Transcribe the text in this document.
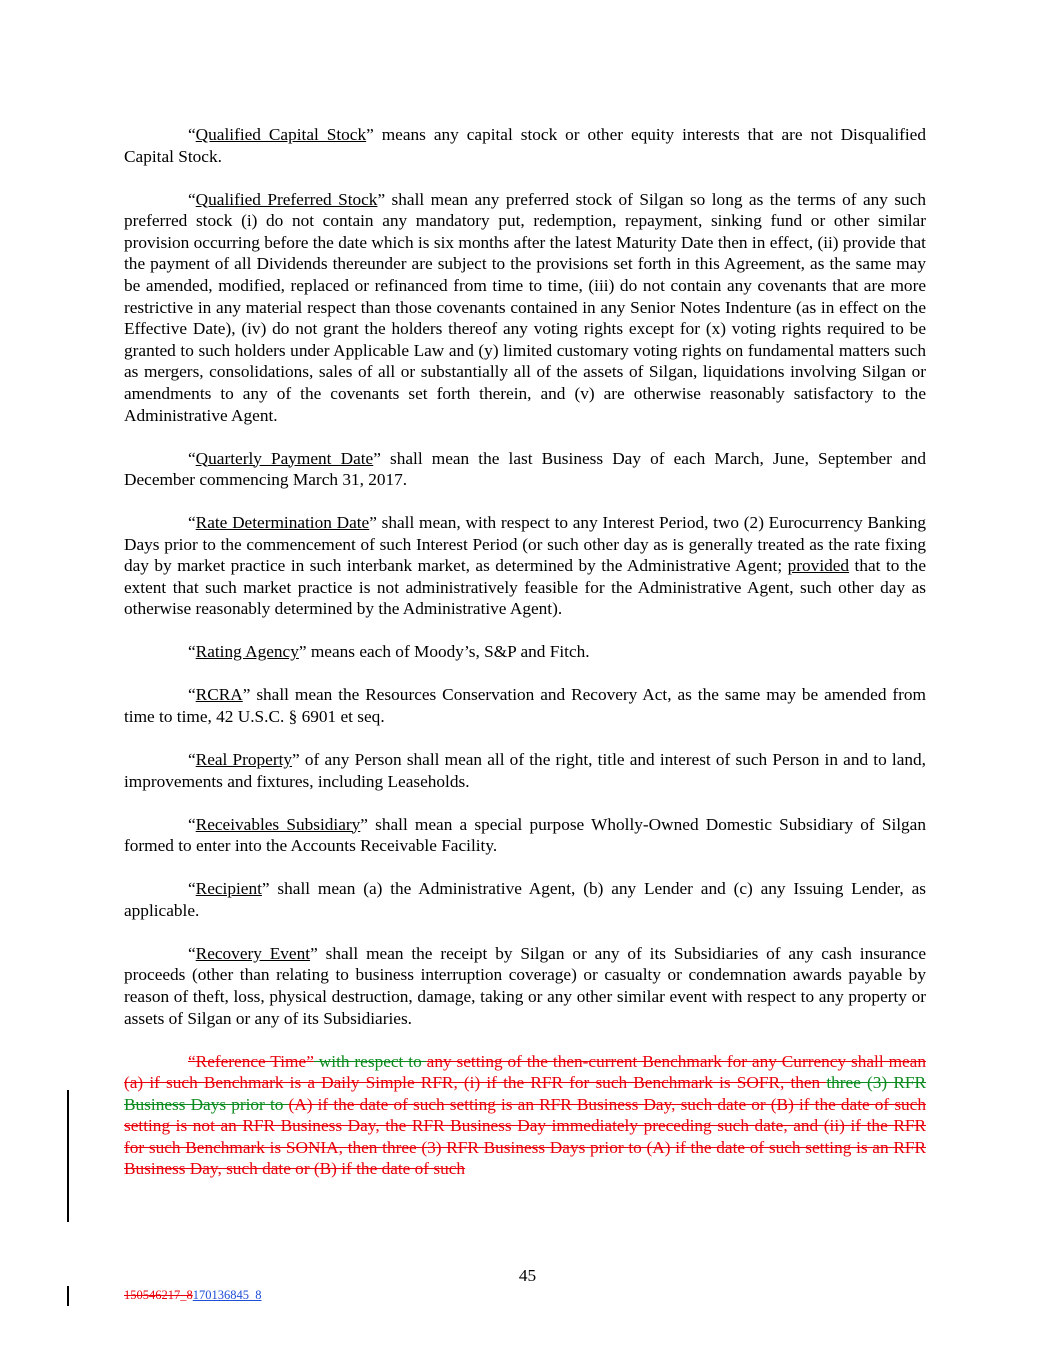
“Qualified Capital Stock” means any capital stock or other equity interests that are not Disqualified Capital Stock.

“Qualified Preferred Stock” shall mean any preferred stock of Silgan so long as the terms of any such preferred stock (i) do not contain any mandatory put, redemption, repayment, sinking fund or other similar provision occurring before the date which is six months after the latest Maturity Date then in effect, (ii) provide that the payment of all Dividends thereunder are subject to the provisions set forth in this Agreement, as the same may be amended, modified, replaced or refinanced from time to time, (iii) do not contain any covenants that are more restrictive in any material respect than those covenants contained in any Senior Notes Indenture (as in effect on the Effective Date), (iv) do not grant the holders thereof any voting rights except for (x) voting rights required to be granted to such holders under Applicable Law and (y) limited customary voting rights on fundamental matters such as mergers, consolidations, sales of all or substantially all of the assets of Silgan, liquidations involving Silgan or amendments to any of the covenants set forth therein, and (v) are otherwise reasonably satisfactory to the Administrative Agent.

“Quarterly Payment Date” shall mean the last Business Day of each March, June, September and December commencing March 31, 2017.

“Rate Determination Date” shall mean, with respect to any Interest Period, two (2) Eurocurrency Banking Days prior to the commencement of such Interest Period (or such other day as is generally treated as the rate fixing day by market practice in such interbank market, as determined by the Administrative Agent; provided that to the extent that such market practice is not administratively feasible for the Administrative Agent, such other day as otherwise reasonably determined by the Administrative Agent).

“Rating Agency” means each of Moody’s, S&P and Fitch.

“RCRA” shall mean the Resources Conservation and Recovery Act, as the same may be amended from time to time, 42 U.S.C. § 6901 et seq.

“Real Property” of any Person shall mean all of the right, title and interest of such Person in and to land, improvements and fixtures, including Leaseholds.

“Receivables Subsidiary” shall mean a special purpose Wholly-Owned Domestic Subsidiary of Silgan formed to enter into the Accounts Receivable Facility.

“Recipient” shall mean (a) the Administrative Agent, (b) any Lender and (c) any Issuing Lender, as applicable.

“Recovery Event” shall mean the receipt by Silgan or any of its Subsidiaries of any cash insurance proceeds (other than relating to business interruption coverage) or casualty or condemnation awards payable by reason of theft, loss, physical destruction, damage, taking or any other similar event with respect to any property or assets of Silgan or any of its Subsidiaries.

“Reference Time” with respect to any setting of the then-current Benchmark for any Currency shall mean (a) if such Benchmark is a Daily Simple RFR, (i) if the RFR for such Benchmark is SOFR, then three (3) RFR Business Days prior to (A) if the date of such setting is an RFR Business Day, such date or (B) if the date of such setting is not an RFR Business Day, the RFR Business Day immediately preceding such date, and (ii) if the RFR for such Benchmark is SONIA, then three (3) RFR Business Days prior to (A) if the date of such setting is an RFR Business Day, such date or (B) if the date of such

45
150546217_8170136845_8
